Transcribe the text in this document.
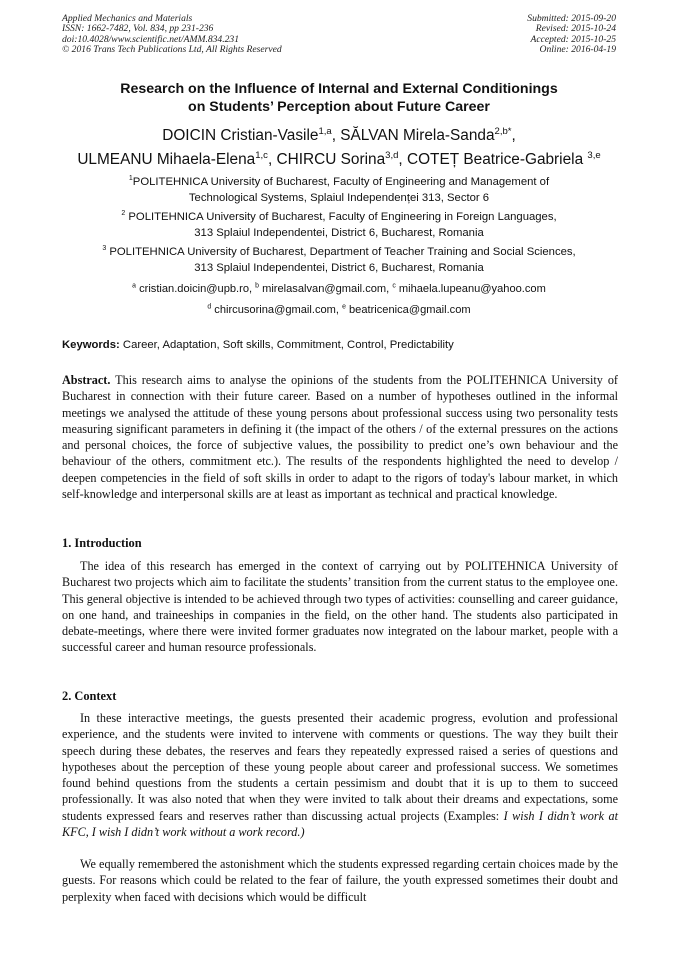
Applied Mechanics and Materials
ISSN: 1662-7482, Vol. 834, pp 231-236
doi:10.4028/www.scientific.net/AMM.834.231
© 2016 Trans Tech Publications Ltd, All Rights Reserved
Submitted: 2015-09-20
Revised: 2015-10-24
Accepted: 2015-10-25
Online: 2016-04-19
Research on the Influence of Internal and External Conditionings
on Students’ Perception about Future Career
DOICIN Cristian-Vasile$^{1,a}$, SĂLVAN Mirela-Sanda$^{2,b*}$,
ULMEANU Mihaela-Elena$^{1,c}$, CHIRCU Sorina$^{3,d}$, COTEȚ Beatrice-Gabriela $^{3,e}$
$^1$POLITEHNICA University of Bucharest, Faculty of Engineering and Management of
Technological Systems, Splaiul Independenței 313, Sector 6
$^2$ POLITEHNICA University of Bucharest, Faculty of Engineering in Foreign Languages,
313 Splaiul Independentei, District 6, Bucharest, Romania
$^3$ POLITEHNICA University of Bucharest, Department of Teacher Training and Social Sciences,
313 Splaiul Independentei, District 6, Bucharest, Romania
$^a$ cristian.doicin@upb.ro, $^b$ mirelasalvan@gmail.com, $^c$ mihaela.lupeanu@yahoo.com
$^d$ chircusorina@gmail.com, $^e$ beatricenica@gmail.com
Keywords: Career, Adaptation, Soft skills, Commitment, Control, Predictability
Abstract. This research aims to analyse the opinions of the students from the POLITEHNICA University of Bucharest in connection with their future career. Based on a number of hypotheses outlined in the informal meetings we analysed the attitude of these young persons about professional success using two personality tests measuring significant parameters in defining it (the impact of the others / of the external pressures on the actions and personal choices, the force of subjective values, the possibility to predict one’s own behaviour and the behaviour of the others, commitment etc.). The results of the respondents highlighted the need to develop / deepen competencies in the field of soft skills in order to adapt to the rigors of today's labour market, in which self-knowledge and interpersonal skills are at least as important as technical and practical knowledge.
1. Introduction
The idea of this research has emerged in the context of carrying out by POLITEHNICA University of Bucharest two projects which aim to facilitate the students’ transition from the current status to the employee one. This general objective is intended to be achieved through two types of activities: counselling and career guidance, on one hand, and traineeships in companies in the field, on the other hand. The students also participated in debate-meetings, where there were invited former graduates now integrated on the labour market, people with a successful career and human resource professionals.
2. Context
In these interactive meetings, the guests presented their academic progress, evolution and professional experience, and the students were invited to intervene with comments or questions. The way they built their speech during these debates, the reserves and fears they repeatedly expressed raised a series of questions and hypotheses about the perception of these young people about career and professional success. We sometimes found behind questions from the students a certain pessimism and doubt that it is up to them to succeed professionally. It was also noted that when they were invited to talk about their dreams and expectations, some students expressed fears and reserves rather than discussing actual projects (Examples: I wish I didn’t work at KFC, I wish I didn’t work without a work record.)
We equally remembered the astonishment which the students expressed regarding certain choices made by the guests. For reasons which could be related to the fear of failure, the youth expressed sometimes their doubt and perplexity when faced with decisions which would be difficult
